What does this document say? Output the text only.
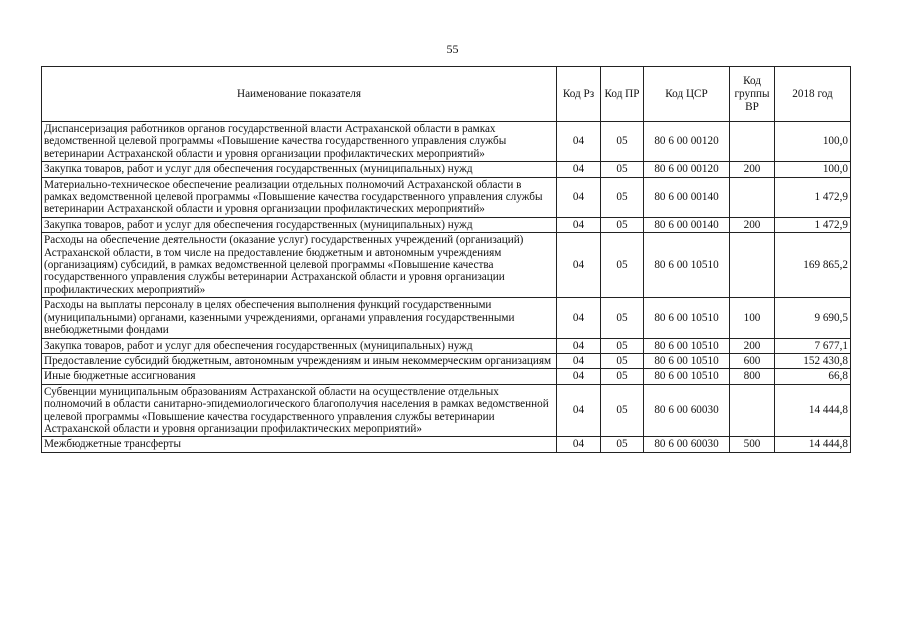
55
Наименование показателя	Код Рз	Код ПР	Код ЦСР	Код группы ВР	2018 год
Диспансеризация работников органов государственной власти Астраханской области в рамках ведомственной целевой программы «Повышение качества государственного управления службы ветеринарии Астраханской области и уровня организации профилактических мероприятий»	04	05	80 6 00 00120		100,0
Закупка товаров, работ и услуг для обеспечения государственных (муниципальных) нужд	04	05	80 6 00 00120	200	100,0
Материально-техническое обеспечение реализации отдельных полномочий Астраханской области в рамках ведомственной целевой программы «Повышение качества государственного управления службы ветеринарии Астраханской области и уровня организации профилактических мероприятий»	04	05	80 6 00 00140		1 472,9
Закупка товаров, работ и услуг для обеспечения государственных (муниципальных) нужд	04	05	80 6 00 00140	200	1 472,9
Расходы на обеспечение деятельности (оказание услуг) государственных учреждений (организаций) Астраханской области, в том числе на предоставление бюджетным и автономным учреждениям (организациям) субсидий, в рамках ведомственной целевой программы «Повышение качества государственного управления службы ветеринарии Астраханской области и уровня организации профилактических мероприятий»	04	05	80 6 00 10510		169 865,2
Расходы на выплаты персоналу в целях обеспечения выполнения функций государственными (муниципальными) органами, казенными учреждениями, органами управления государственными внебюджетными фондами	04	05	80 6 00 10510	100	9 690,5
Закупка товаров, работ и услуг для обеспечения государственных (муниципальных) нужд	04	05	80 6 00 10510	200	7 677,1
Предоставление субсидий бюджетным, автономным учреждениям и иным некоммерческим организациям	04	05	80 6 00 10510	600	152 430,8
Иные бюджетные ассигнования	04	05	80 6 00 10510	800	66,8
Субвенции муниципальным образованиям Астраханской области на осуществление отдельных полномочий в области санитарно-эпидемиологического благополучия населения в рамках ведомственной целевой программы «Повышение качества государственного управления службы ветеринарии Астраханской области и уровня организации профилактических мероприятий»	04	05	80 6 00 60030		14 444,8
Межбюджетные трансферты	04	05	80 6 00 60030	500	14 444,8
